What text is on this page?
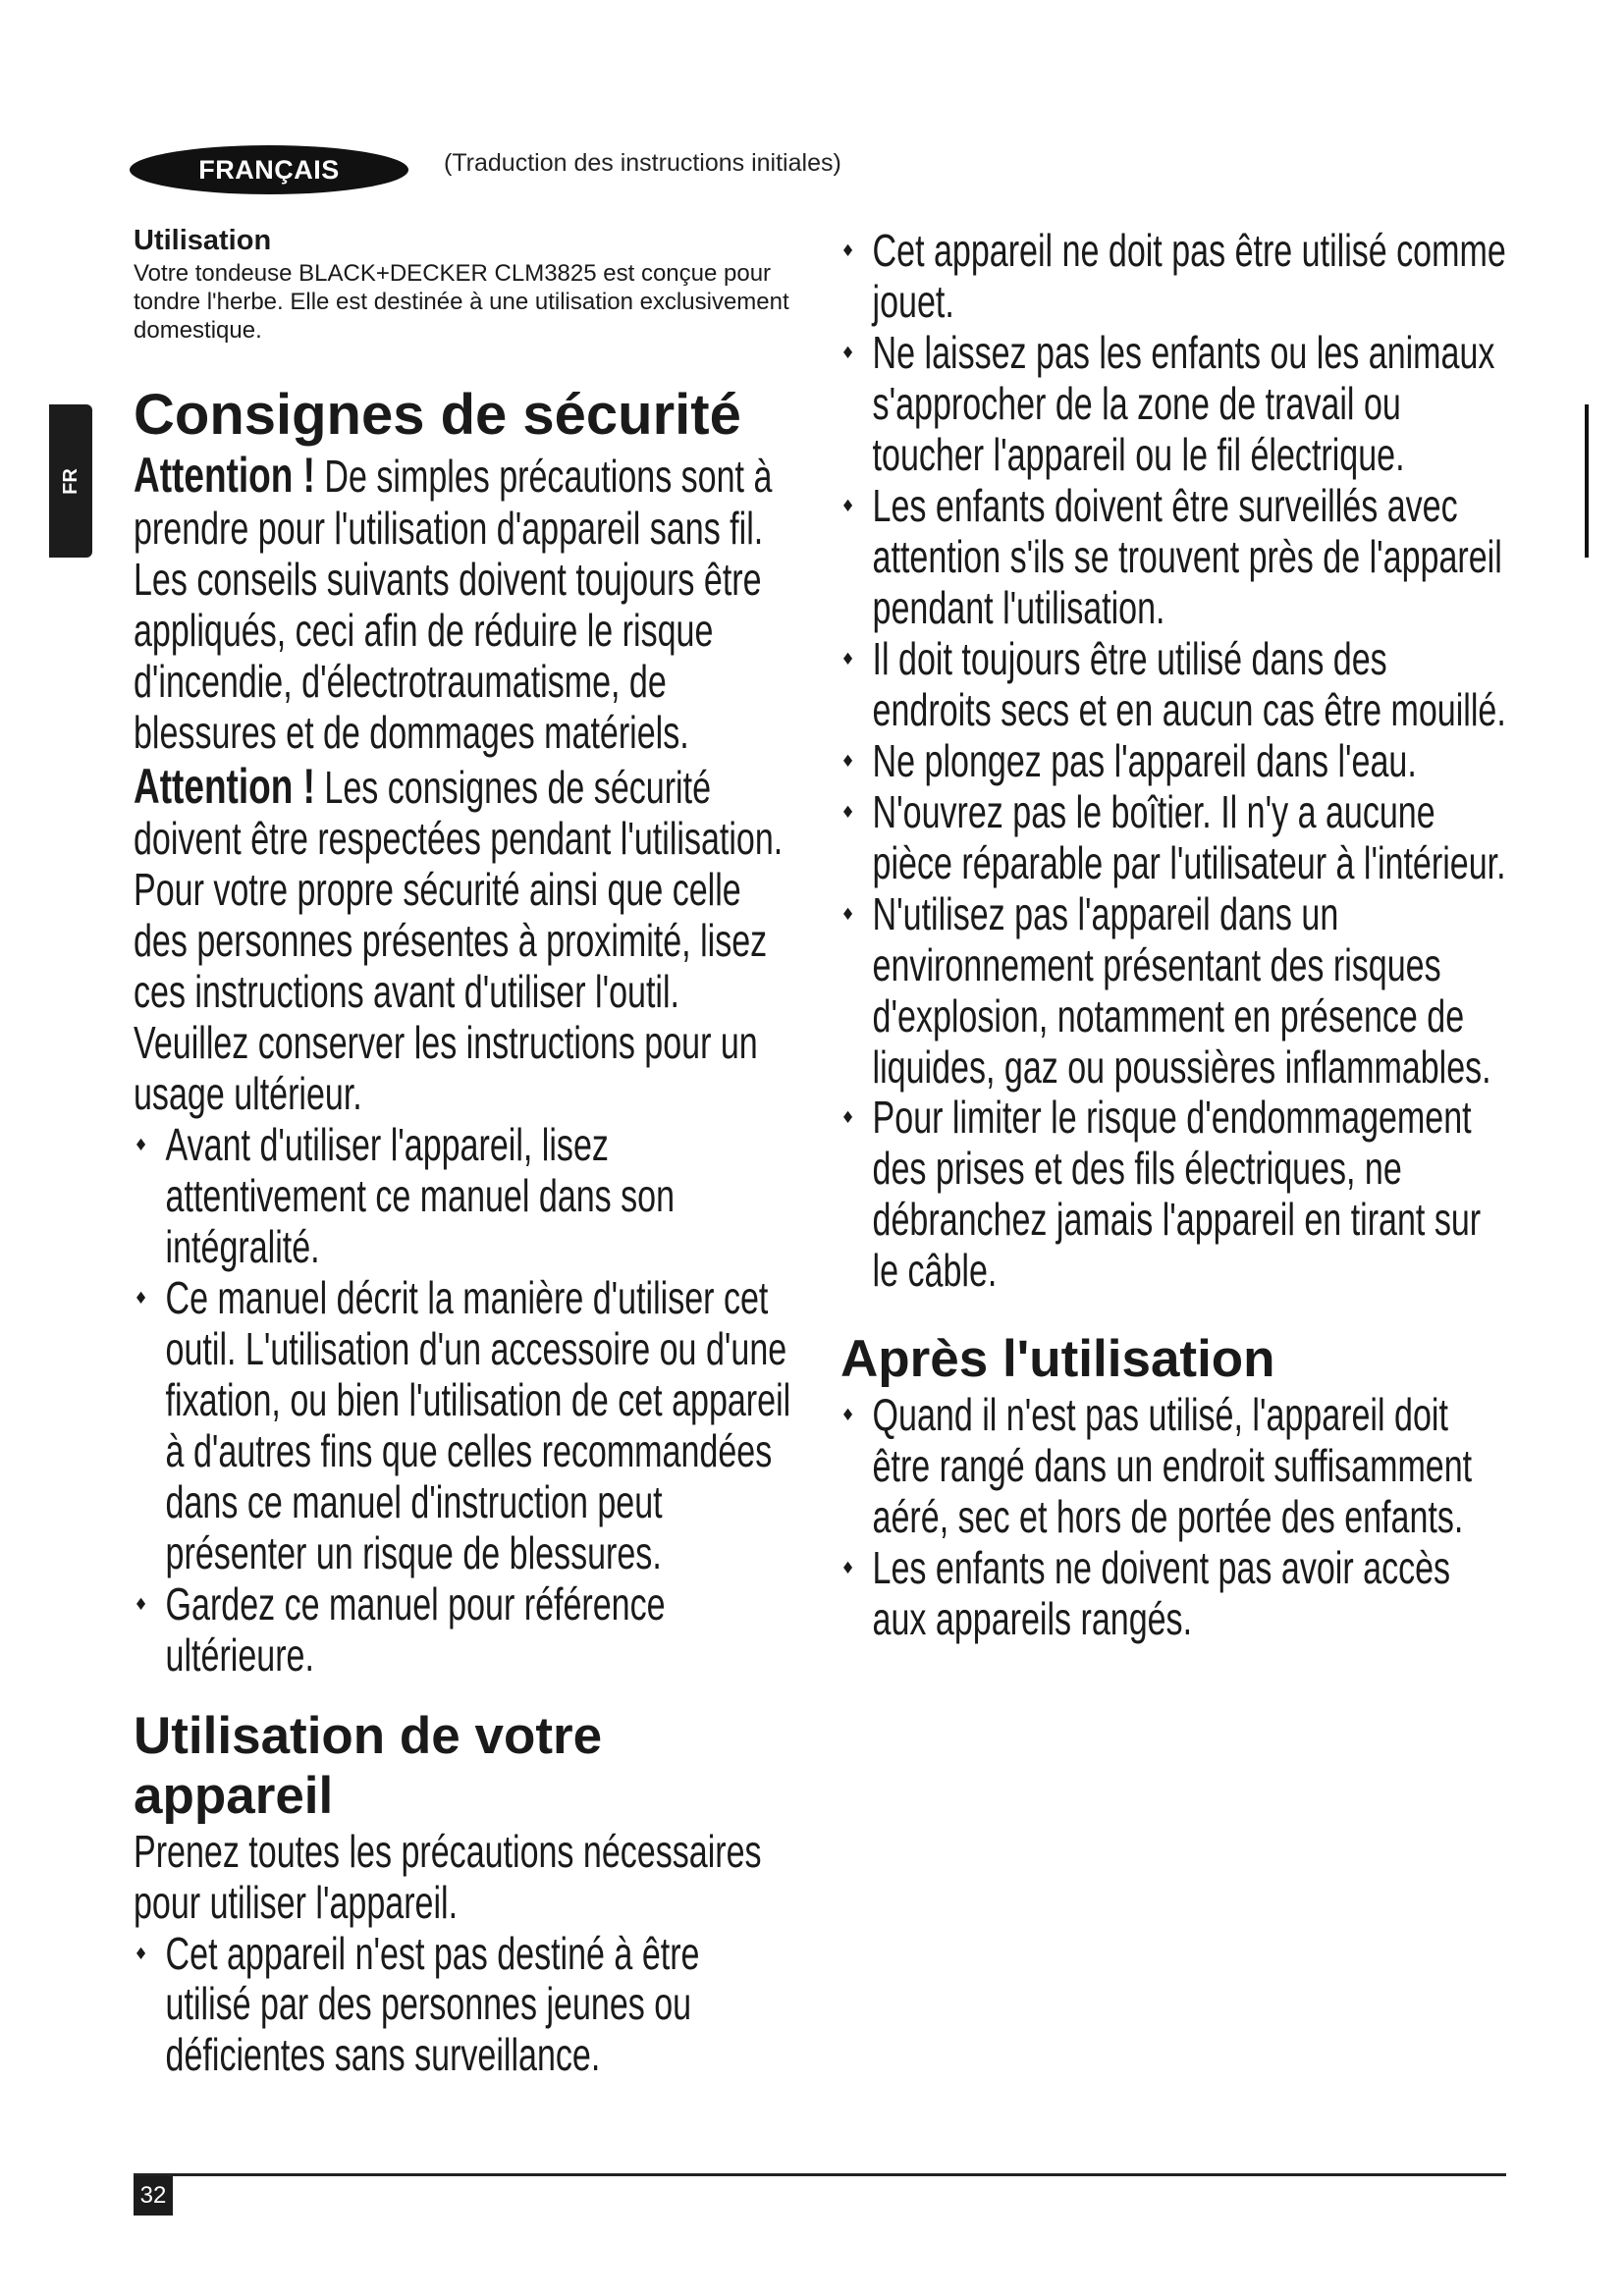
FRANÇAIS	(Traduction des instructions initiales)
FR
Utilisation

Votre tondeuse BLACK+DECKER CLM3825 est conçue pour tondre l'herbe. Elle est destinée à une utilisation exclusivement domestique.

Consignes de sécurité

Attention ! De simples précautions sont à prendre pour l'utilisation d'appareil sans fil. Les conseils suivants doivent toujours être appliqués, ceci afin de réduire le risque d'incendie, d'électrotraumatisme, de blessures et de dommages matériels.

Attention ! Les consignes de sécurité doivent être respectées pendant l'utilisation. Pour votre propre sécurité ainsi que celle des personnes présentes à proximité, lisez ces instructions avant d'utiliser l'outil. Veuillez conserver les instructions pour un usage ultérieur.

◆ Avant d'utiliser l'appareil, lisez attentivement ce manuel dans son intégralité.
◆ Ce manuel décrit la manière d'utiliser cet outil. L'utilisation d'un accessoire ou d'une fixation, ou bien l'utilisation de cet appareil à d'autres fins que celles recommandées dans ce manuel d'instruction peut présenter un risque de blessures.
◆ Gardez ce manuel pour référence ultérieure.
Utilisation de votre appareil

Prenez toutes les précautions nécessaires pour utiliser l'appareil.

◆ Cet appareil n'est pas destiné à être utilisé par des personnes jeunes ou déficientes sans surveillance.
◆ Cet appareil ne doit pas être utilisé comme jouet.
◆ Ne laissez pas les enfants ou les animaux s'approcher de la zone de travail ou toucher l'appareil ou le fil électrique.
◆ Les enfants doivent être surveillés avec attention s'ils se trouvent près de l'appareil pendant l'utilisation.
◆ Il doit toujours être utilisé dans des endroits secs et en aucun cas être mouillé.
◆ Ne plongez pas l'appareil dans l'eau.
◆ N'ouvrez pas le boîtier. Il n'y a aucune pièce réparable par l'utilisateur à l'intérieur.
◆ N'utilisez pas l'appareil dans un environnement présentant des risques d'explosion, notamment en présence de liquides, gaz ou poussières inflammables.
◆ Pour limiter le risque d'endommagement des prises et des fils électriques, ne débranchez jamais l'appareil en tirant sur le câble.
Après l'utilisation
◆ Quand il n'est pas utilisé, l'appareil doit être rangé dans un endroit suffisamment aéré, sec et hors de portée des enfants.
◆ Les enfants ne doivent pas avoir accès aux appareils rangés.
32
